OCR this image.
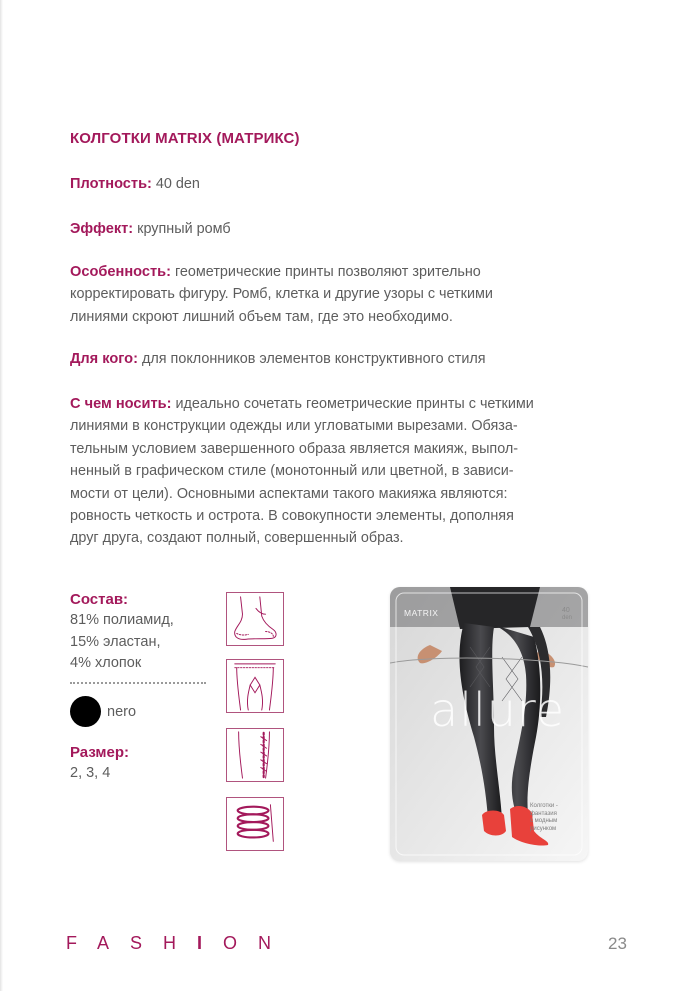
КОЛГОТКИ MATRIX (МАТРИКС)
Плотность: 40 den
Эффект: крупный ромб
Особенность: геометрические принты позволяют зрительно
корректировать фигуру. Ромб, клетка и другие узоры с четкими
линиями скроют лишний объем там, где это необходимо.
Для кого: для поклонников элементов конструктивного стиля
С чем носить: идеально сочетать геометрические принты с четкими
линиями в конструкции одежды или угловатыми вырезами. Обяза-
тельным условием завершенного образа является макияж, выпол-
ненный в графическом стиле (монотонный или цветной, в зависи-
мости от цели). Основными аспектами такого макияжа являются:
ровность четкость и острота. В совокупности элементы, дополняя
друг друга, создают полный, совершенный образ.
Состав:
81% полиамид,
15% эластан,
4% хлопок
nero
Размер:
2, 3, 4
MATRIX	40
den
allure
Колготки -
фантазия
с модным
рисунком
FASHION	23
